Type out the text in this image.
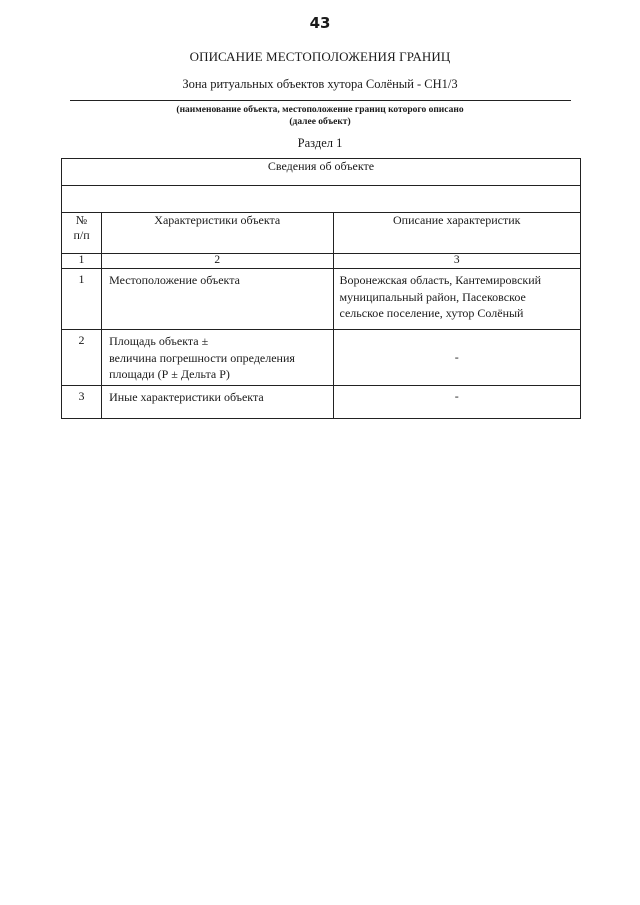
43
ОПИСАНИЕ МЕСТОПОЛОЖЕНИЯ ГРАНИЦ
Зона ритуальных объектов хутора Солёный - СН1/3
(наименование объекта, местоположение границ которого описано
(далее объект)
Раздел 1
Сведения об объекте		

№
п/п	Характеристики объекта	Описание характеристик
1	2	3
1	Местоположение объекта	Воронежская область, Кантемировский
муниципальный район, Пасековское
сельское поселение, хутор Солёный

2	Площадь объекта ±
величина погрешности определения
площади (Р ± Дельта Р)	-
3	Иные характеристики объекта	-
